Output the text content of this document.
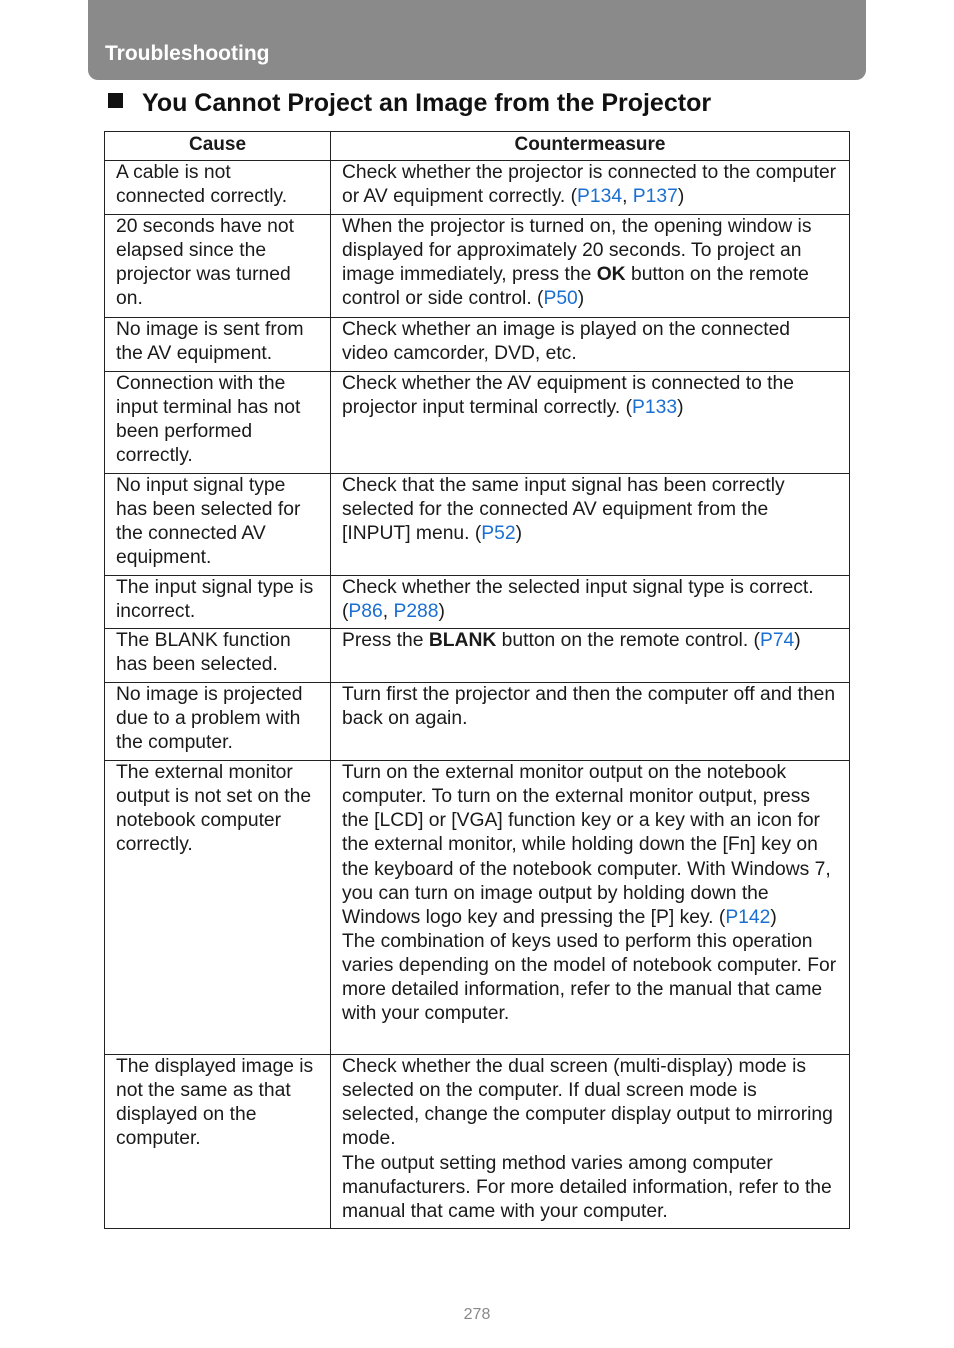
Troubleshooting
You Cannot Project an Image from the Projector
Cause	Countermeasure
A cable is not connected correctly.	Check whether the projector is connected to the computer or AV equipment correctly. (P134, P137)

20 seconds have not elapsed since the projector was turned on.	When the projector is turned on, the opening window is displayed for approximately 20 seconds. To project an image immediately, press the OK button on the remote control or side control. (P50)

No image is sent from the AV equipment.	Check whether an image is played on the connected video camcorder, DVD, etc.

Connection with the input terminal has not been performed correctly.	Check whether the AV equipment is connected to the projector input terminal correctly. (P133)

No input signal type has been selected for the connected AV equipment.	Check that the same input signal has been correctly selected for the connected AV equipment from the [INPUT] menu. (P52)

The input signal type is incorrect.	Check whether the selected input signal type is correct. (P86, P288)

The BLANK function has been selected.	Press the BLANK button on the remote control. (P74)

No image is projected due to a problem with the computer.	Turn first the projector and then the computer off and then back on again.

The external monitor output is not set on the notebook computer correctly.	Turn on the external monitor output on the notebook computer. To turn on the external monitor output, press the [LCD] or [VGA] function key or a key with an icon for the external monitor, while holding down the [Fn] key on the keyboard of the notebook computer. With Windows 7, you can turn on image output by holding down the Windows logo key and pressing the [P] key. (P142)
The combination of keys used to perform this operation varies depending on the model of notebook computer. For more detailed information, refer to the manual that came with your computer.

The displayed image is not the same as that displayed on the computer.	Check whether the dual screen (multi-display) mode is selected on the computer. If dual screen mode is selected, change the computer display output to mirroring mode.
The output setting method varies among computer manufacturers. For more detailed information, refer to the manual that came with your computer.
278
